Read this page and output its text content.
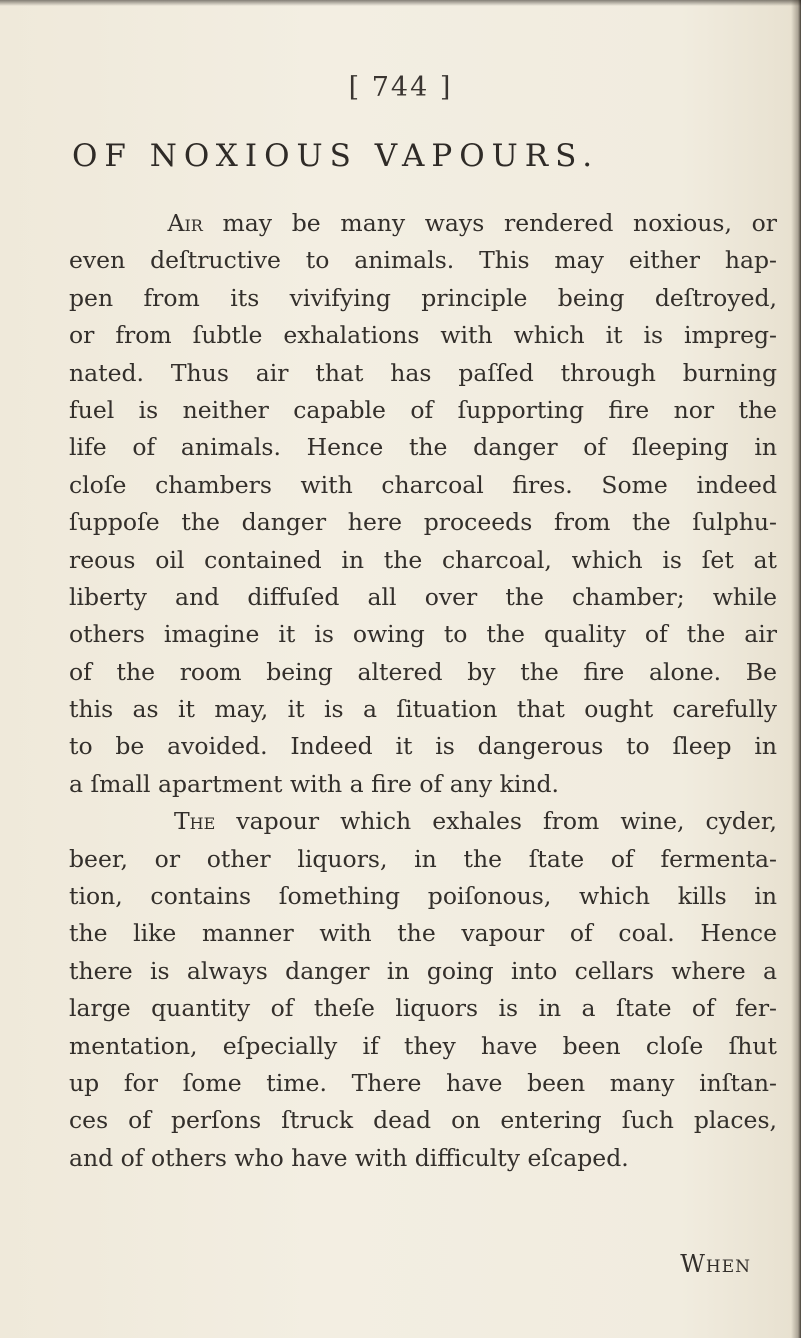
[ 744 ]
OF NOXIOUS VAPOURS.
Air may be many ways rendered noxious, or
even deſtructive to animals. This may either hap-
pen from its vivifying principle being deſtroyed,
or from ſubtle exhalations with which it is impreg-
nated. Thus air that has paſſed through burning
fuel is neither capable of ſupporting fire nor the
life of animals. Hence the danger of ſleeping in
cloſe chambers with charcoal fires. Some indeed
ſuppoſe the danger here proceeds from the ſulphu-
reous oil contained in the charcoal, which is ſet at
liberty and diffuſed all over the chamber; while
others imagine it is owing to the quality of the air
of the room being altered by the fire alone. Be
this as it may, it is a ſituation that ought carefully
to be avoided. Indeed it is dangerous to ſleep in
a ſmall apartment with a fire of any kind.
The vapour which exhales from wine, cyder,
beer, or other liquors, in the ſtate of fermenta-
tion, contains ſomething poiſonous, which kills in
the like manner with the vapour of coal. Hence
there is always danger in going into cellars where a
large quantity of theſe liquors is in a ſtate of fer-
mentation, eſpecially if they have been cloſe ſhut
up for ſome time. There have been many inſtan-
ces of perſons ſtruck dead on entering ſuch places,
and of others who have with difficulty eſcaped.
When
